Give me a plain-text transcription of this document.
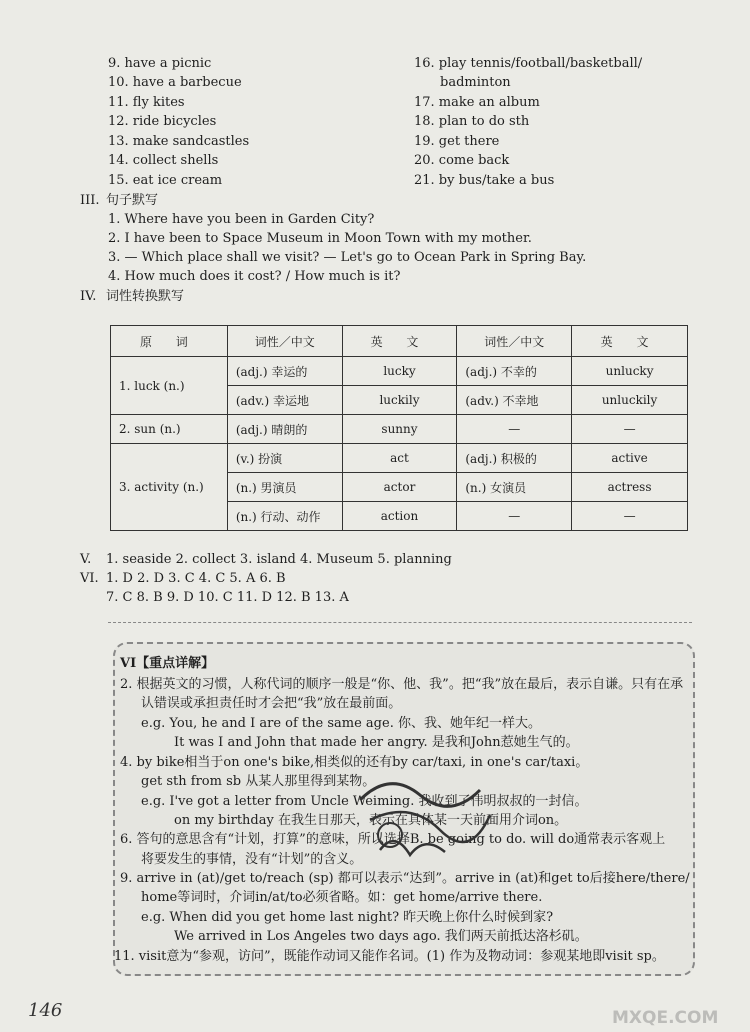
9. have a picnic
10. have a barbecue
11. fly kites
12. ride bicycles
13. make sandcastles
14. collect shells
15. eat ice cream
16. play tennis/football/basketball/
badminton
17. make an album
18. plan to do sth
19. get there
20. come back
21. by bus/take a bus
III. 句子默写
1. Where have you been in Garden City?
2. I have been to Space Museum in Moon Town with my mother.
3. — Which place shall we visit? — Let's go to Ocean Park in Spring Bay.
4. How much does it cost? / How much is it?
IV. 词性转换默写
原 词	词性／中文	英 文	词性／中文	英 文
1. luck (n.)	(adj.) 幸运的	lucky	(adj.) 不幸的	unlucky
	(adv.) 幸运地	luckily	(adv.) 不幸地	unluckily
2. sun (n.)	(adj.) 晴朗的	sunny	—	—
3. activity (n.)	(v.) 扮演	act	(adj.) 积极的	active
	(n.) 男演员	actor	(n.) 女演员	actress
	(n.) 行动、动作	action	—	—
V. 1. seaside 2. collect 3. island 4. Museum 5. planning
VI. 1. D 2. D 3. C 4. C 5. A 6. B
7. C 8. B 9. D 10. C 11. D 12. B 13. A
VI【重点详解】
2. 根据英文的习惯，人称代词的顺序一般是“你、他、我”。把“我”放在最后，表示自谦。只有在承
认错误或承担责任时才会把“我”放在最前面。
e.g. You, he and I are of the same age. 你、我、她年纪一样大。
It was I and John that made her angry. 是我和John惹她生气的。
4. by bike相当于on one's bike,相类似的还有by car/taxi, in one's car/taxi。
get sth from sb 从某人那里得到某物。
e.g. I've got a letter from Uncle Weiming. 我收到了伟明叔叔的一封信。
on my birthday 在我生日那天，表示在具体某一天前面用介词on。
6. 答句的意思含有“计划，打算”的意味，所以选择B. be going to do. will do通常表示客观上
将要发生的事情，没有“计划”的含义。
9. arrive in (at)/get to/reach (sp) 都可以表示“达到”。arrive in (at)和get to后接here/there/
home等词时，介词in/at/to必须省略。如：get home/arrive there.
e.g. When did you get home last night? 昨天晚上你什么时候到家?
We arrived in Los Angeles two days ago. 我们两天前抵达洛杉矶。
11. visit意为“参观，访问”，既能作动词又能作名词。(1) 作为及物动词：参观某地即visit sp。
MXQE.COM
146
